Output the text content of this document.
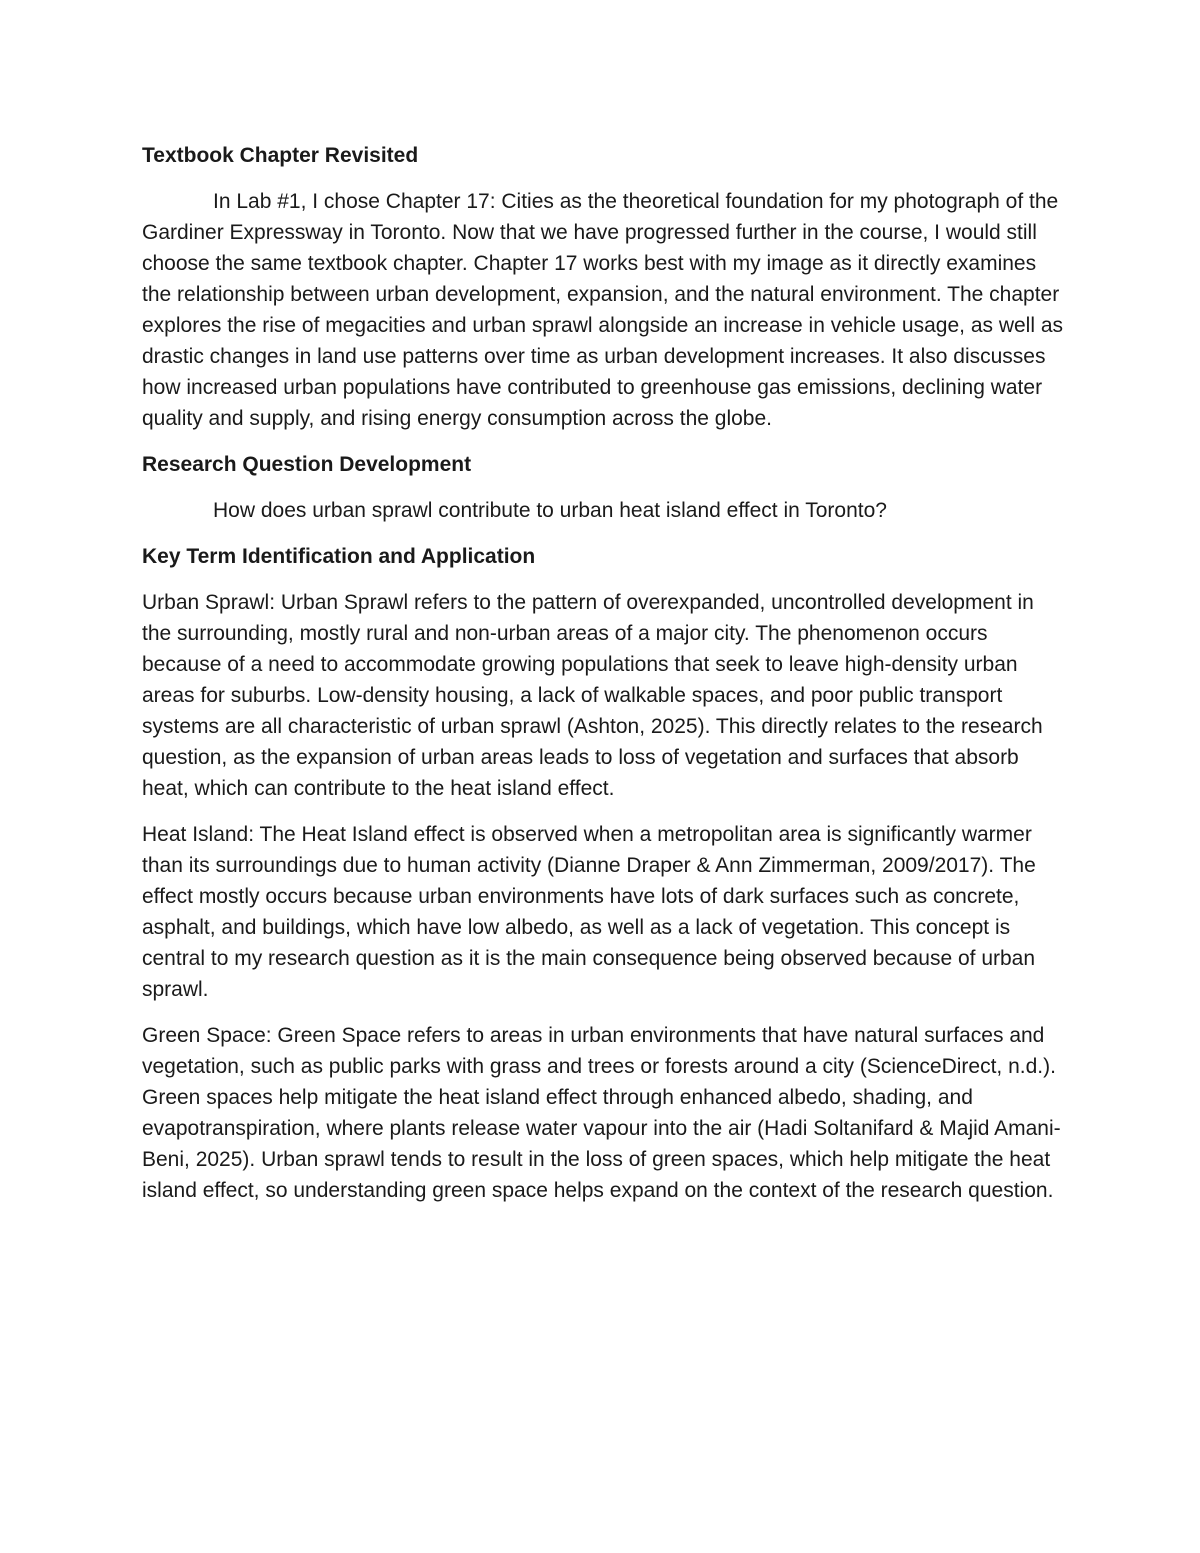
Textbook Chapter Revisited

In Lab #1, I chose Chapter 17: Cities as the theoretical foundation for my photograph of the Gardiner Expressway in Toronto. Now that we have progressed further in the course, I would still choose the same textbook chapter. Chapter 17 works best with my image as it directly examines the relationship between urban development, expansion, and the natural environment. The chapter explores the rise of megacities and urban sprawl alongside an increase in vehicle usage, as well as drastic changes in land use patterns over time as urban development increases. It also discusses how increased urban populations have contributed to greenhouse gas emissions, declining water quality and supply, and rising energy consumption across the globe.

Research Question Development

How does urban sprawl contribute to urban heat island effect in Toronto?

Key Term Identification and Application

Urban Sprawl: Urban Sprawl refers to the pattern of overexpanded, uncontrolled development in the surrounding, mostly rural and non-urban areas of a major city. The phenomenon occurs because of a need to accommodate growing populations that seek to leave high-density urban areas for suburbs. Low-density housing, a lack of walkable spaces, and poor public transport systems are all characteristic of urban sprawl (Ashton, 2025). This directly relates to the research question, as the expansion of urban areas leads to loss of vegetation and surfaces that absorb heat, which can contribute to the heat island effect.

Heat Island: The Heat Island effect is observed when a metropolitan area is significantly warmer than its surroundings due to human activity (Dianne Draper & Ann Zimmerman, 2009/2017). The effect mostly occurs because urban environments have lots of dark surfaces such as concrete, asphalt, and buildings, which have low albedo, as well as a lack of vegetation. This concept is central to my research question as it is the main consequence being observed because of urban sprawl.

Green Space: Green Space refers to areas in urban environments that have natural surfaces and vegetation, such as public parks with grass and trees or forests around a city (ScienceDirect, n.d.). Green spaces help mitigate the heat island effect through enhanced albedo, shading, and evapotranspiration, where plants release water vapour into the air (Hadi Soltanifard & Majid Amani-Beni, 2025). Urban sprawl tends to result in the loss of green spaces, which help mitigate the heat island effect, so understanding green space helps expand on the context of the research question.
